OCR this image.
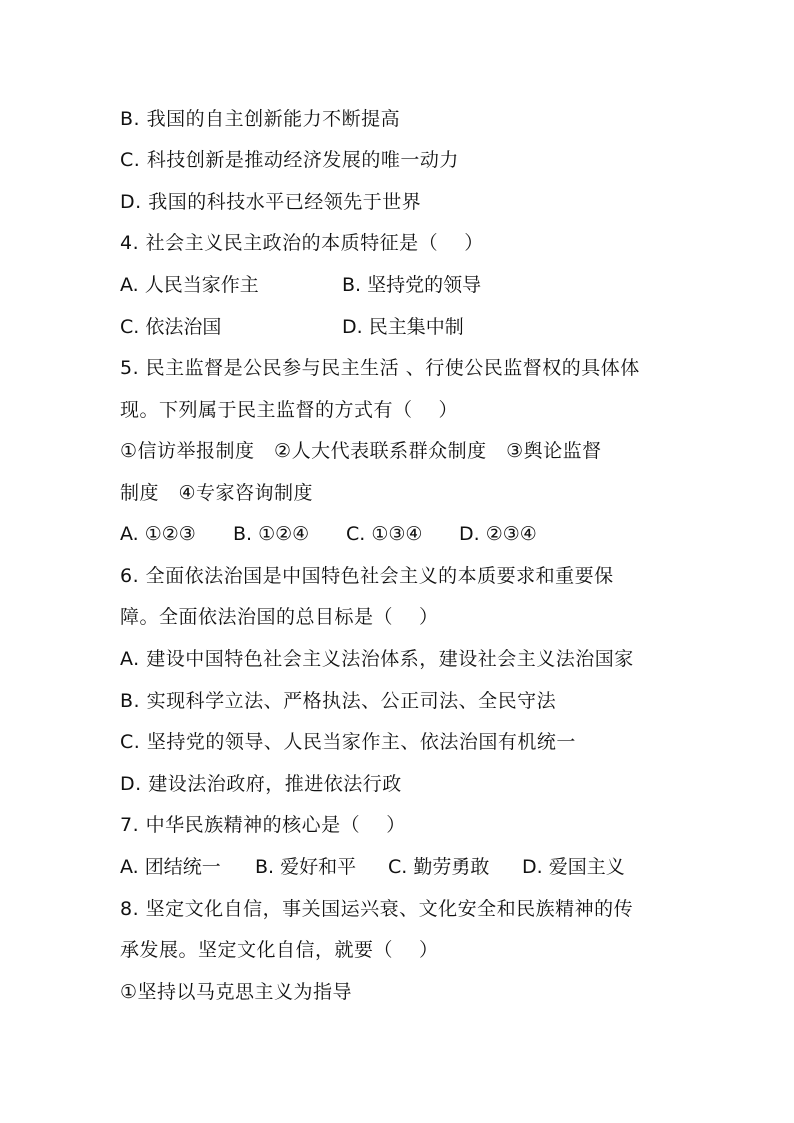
B. 我国的自主创新能力不断提高
C. 科技创新是推动经济发展的唯一动力
D. 我国的科技水平已经领先于世界
4. 社会主义民主政治的本质特征是（　 ）
A. 人民当家作主	B. 坚持党的领导
C. 依法治国	D. 民主集中制
5. 民主监督是公民参与民主生活 、行使公民监督权的具体体
现。下列属于民主监督的方式有（　 ）
①信访举报制度　②人大代表联系群众制度　③舆论监督
制度　④专家咨询制度
A. ①②③ B. ①②④ C. ①③④ D. ②③④
6. 全面依法治国是中国特色社会主义的本质要求和重要保
障。全面依法治国的总目标是（　 ）
A. 建设中国特色社会主义法治体系，建设社会主义法治国家
B. 实现科学立法、严格执法、公正司法、全民守法
C. 坚持党的领导、人民当家作主、依法治国有机统一
D. 建设法治政府，推进依法行政
7. 中华民族精神的核心是（　 ）
A. 团结统一 B. 爱好和平 C. 勤劳勇敢 D. 爱国主义
8. 坚定文化自信，事关国运兴衰、文化安全和民族精神的传
承发展。坚定文化自信，就要（　 ）
①坚持以马克思主义为指导
